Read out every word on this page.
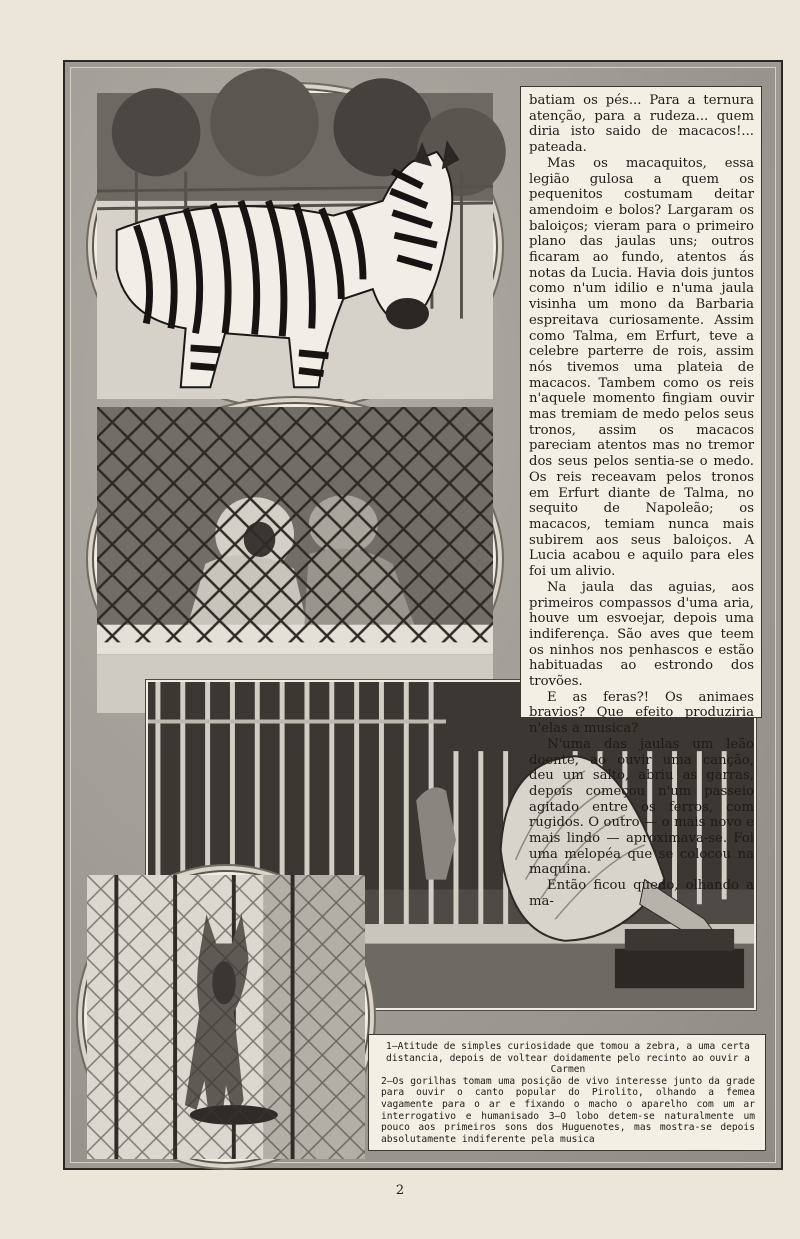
batiam os pés... Para a ternura atenção, para a rudeza... quem diria isto saido de macacos!... pateada.

Mas os macaquitos, essa legião gulosa a quem os pequenitos costumam deitar amendoim e bolos? Largaram os baloiços; vieram para o primeiro plano das jaulas uns; outros ficaram ao fundo, atentos ás notas da Lucia. Havia dois juntos como n'um idilio e n'uma jaula visinha um mono da Barbaria espreitava curiosamente. Assim como Talma, em Erfurt, teve a celebre parterre de rois, assim nós tivemos uma plateia de macacos. Tambem como os reis n'aquele momento fingiam ouvir mas tremiam de medo pelos seus tronos, assim os macacos pareciam atentos mas no tremor dos seus pelos sentia-se o medo. Os reis receavam pelos tronos em Erfurt diante de Talma, no sequito de Napoleão; os macacos, temiam nunca mais subirem aos seus baloiços. A Lucia acabou e aquilo para eles foi um alivio.

Na jaula das aguias, aos primeiros compassos d'uma aria, houve um esvoejar, depois uma indiferença. São aves que teem os ninhos nos penhascos e estão habituadas ao estrondo dos trovões.

E as feras?! Os animaes bravios? Que efeito produziria n'elas a musica?

N'uma das jaulas um leão doente, ao ouvir uma canção, deu um salto, abriu as garras, depois começou n'um passeio agitado entre os ferros, com rugidos. O outro — o mais novo e mais lindo — aproximava-se. Foi uma melopéa que se colocou na maquina.

Então ficou quedo, olhando a ma-

1—Atitude de simples curiosidade que tomou a zebra, a uma certa distancia, depois de voltear doidamente pelo recinto ao ouvir a Carmen

2—Os gorilhas tomam uma posição de vivo interesse junto da grade para ouvir o canto popular do Pirolito, olhando a femea vagamente para o ar e fixando o macho o aparelho com um ar interrogativo e humanisado 3—O lobo detem-se naturalmente um pouco aos primeiros sons dos Huguenotes, mas mostra-se depois absolutamente indiferente pela musica

2
